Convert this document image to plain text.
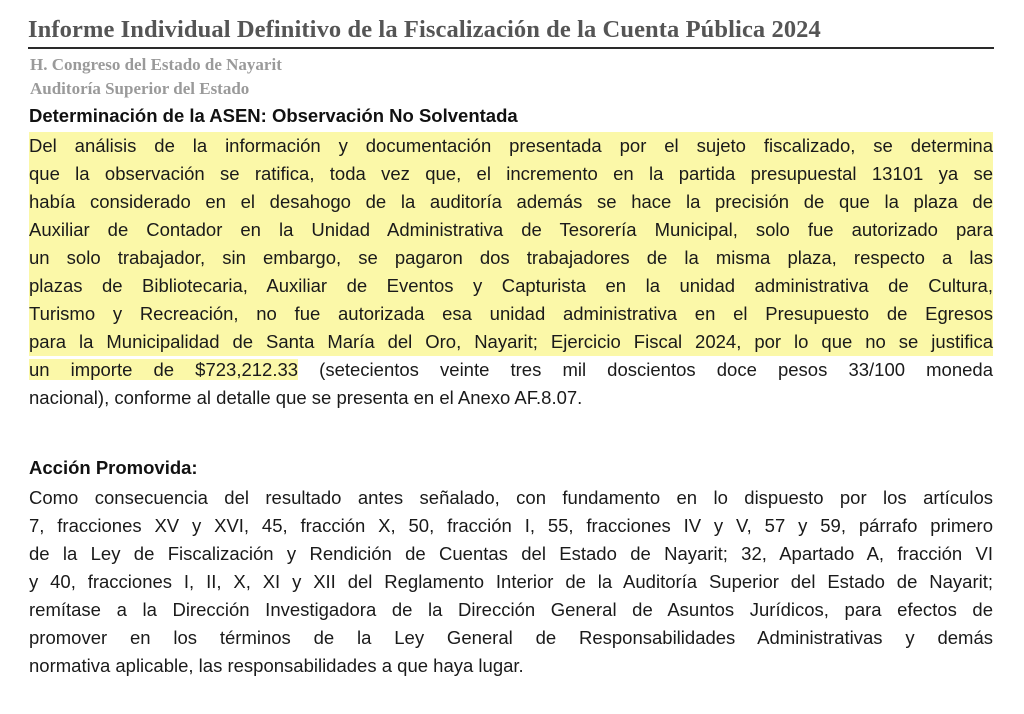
Informe Individual Definitivo de la Fiscalización de la Cuenta Pública 2024
H. Congreso del Estado de Nayarit
Auditoría Superior del Estado
Determinación de la ASEN: Observación No Solventada
Del análisis de la información y documentación presentada por el sujeto fiscalizado, se determina
que la observación se ratifica, toda vez que, el incremento en la partida presupuestal 13101 ya se
había considerado en el desahogo de la auditoría además se hace la precisión de que la plaza de
Auxiliar de Contador en la Unidad Administrativa de Tesorería Municipal, solo fue autorizado para
un solo trabajador, sin embargo, se pagaron dos trabajadores de la misma plaza, respecto a las
plazas de Bibliotecaria, Auxiliar de Eventos y Capturista en la unidad administrativa de Cultura,
Turismo y Recreación, no fue autorizada esa unidad administrativa en el Presupuesto de Egresos
para la Municipalidad de Santa María del Oro, Nayarit; Ejercicio Fiscal 2024, por lo que no se justifica
un importe de $723,212.33 (setecientos veinte tres mil doscientos doce pesos 33/100 moneda
nacional), conforme al detalle que se presenta en el Anexo AF.8.07.
Acción Promovida:
Como consecuencia del resultado antes señalado, con fundamento en lo dispuesto por los artículos
7, fracciones XV y XVI, 45, fracción X, 50, fracción I, 55, fracciones IV y V, 57 y 59, párrafo primero
de la Ley de Fiscalización y Rendición de Cuentas del Estado de Nayarit; 32, Apartado A, fracción VI
y 40, fracciones I, II, X, XI y XII del Reglamento Interior de la Auditoría Superior del Estado de Nayarit;
remítase a la Dirección Investigadora de la Dirección General de Asuntos Jurídicos, para efectos de
promover en los términos de la Ley General de Responsabilidades Administrativas y demás
normativa aplicable, las responsabilidades a que haya lugar.
